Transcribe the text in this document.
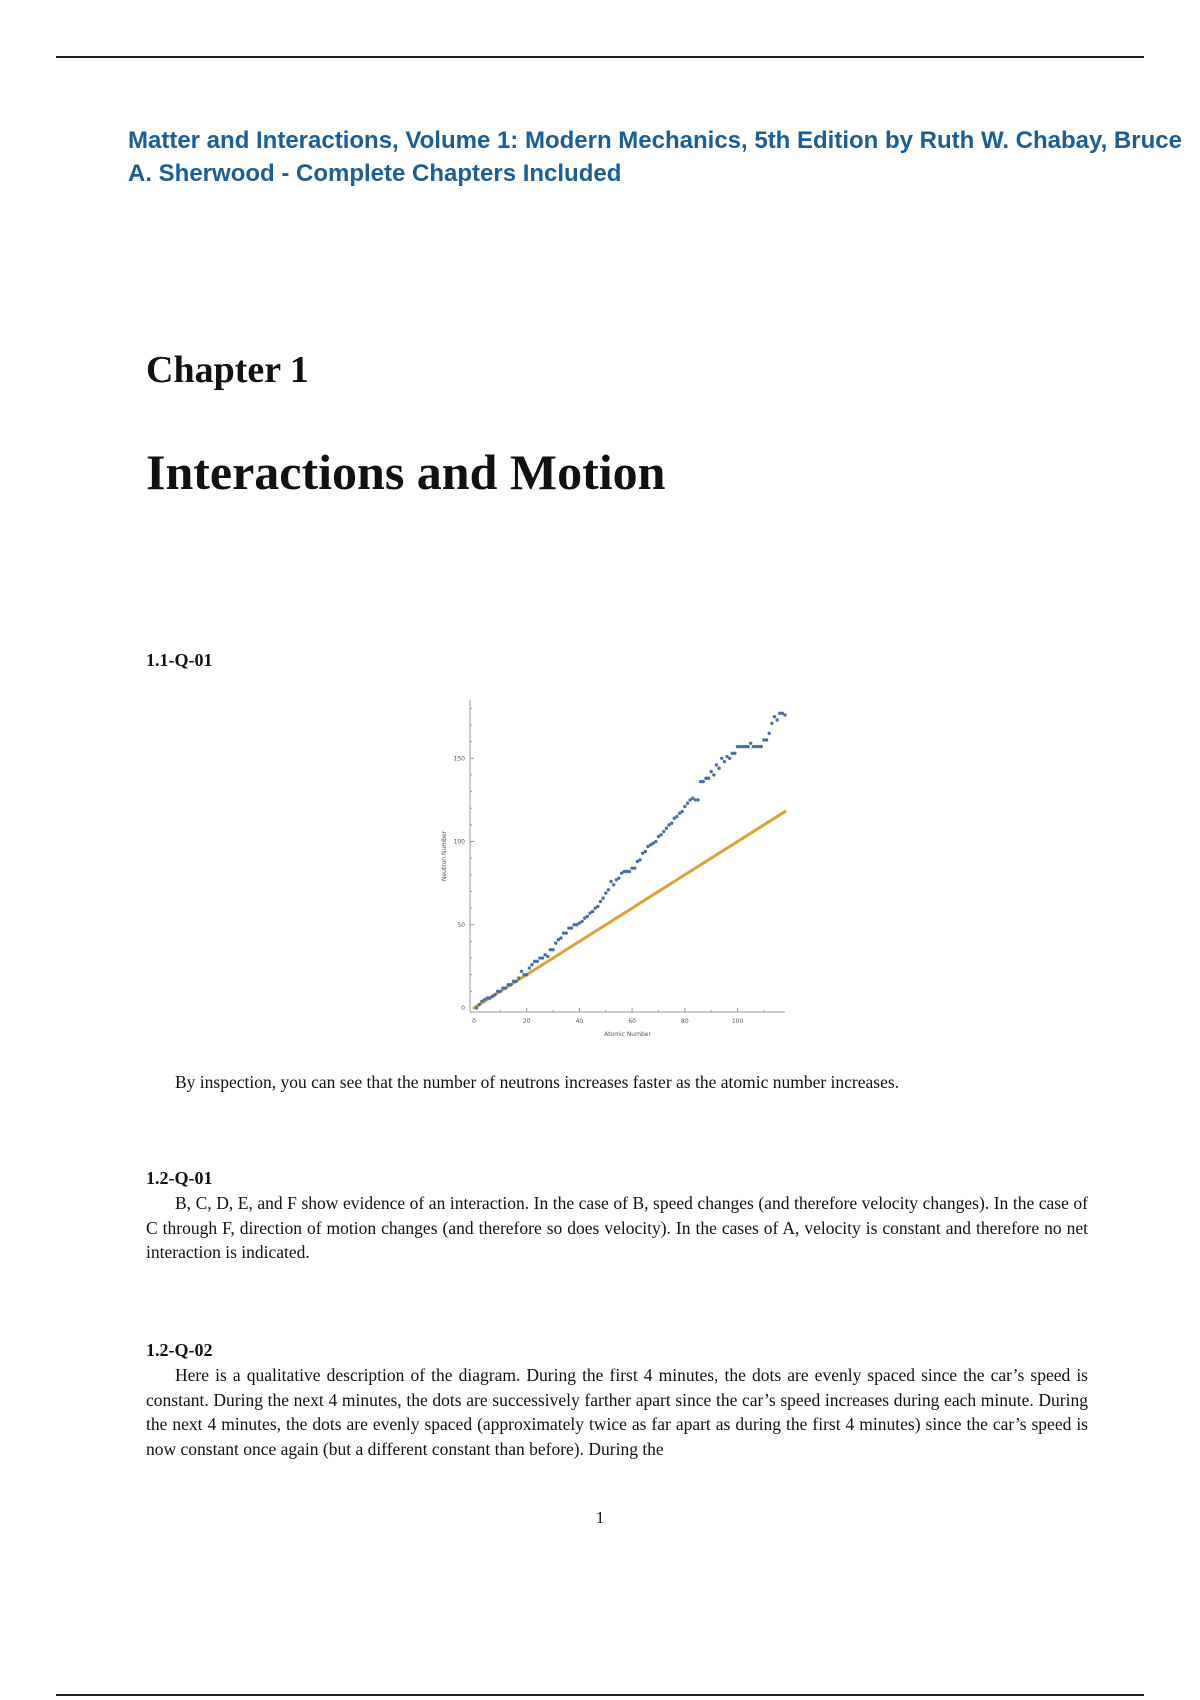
Matter and Interactions, Volume 1: Modern Mechanics, 5th Edition by Ruth W. Chabay, Bruce A. Sherwood - Complete Chapters Included
Chapter 1
Interactions and Motion

1.1-Q-01

0	20	40	60	80	100
0
50
100
150
Atomic Number
Neutron Number

By inspection, you can see that the number of neutrons increases faster as the atomic number increases.

1.2-Q-01

B, C, D, E, and F show evidence of an interaction. In the case of B, speed changes (and therefore velocity changes). In the case of C through F, direction of motion changes (and therefore so does velocity). In the cases of A, velocity is constant and therefore no net interaction is indicated.

1.2-Q-02

Here is a qualitative description of the diagram. During the first 4 minutes, the dots are evenly spaced since the car’s speed is constant. During the next 4 minutes, the dots are successively farther apart since the car’s speed increases during each minute. During the next 4 minutes, the dots are evenly spaced (approximately twice as far apart as during the first 4 minutes) since the car’s speed is now constant once again (but a different constant than before). During the

1
